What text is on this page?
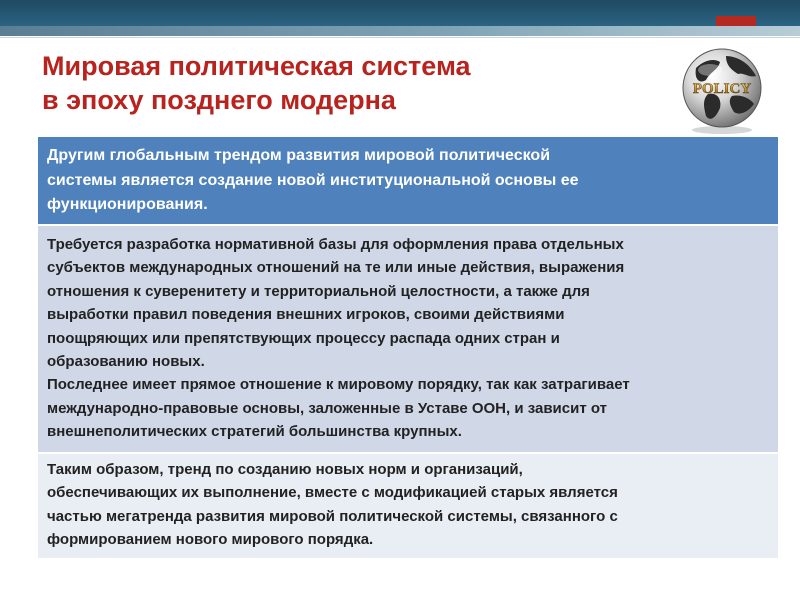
Мировая политическая система
в эпоху позднего модерна	POLICY

Другим глобальным трендом развития мировой политической

системы является создание новой институциональной основы ее

функционирования.

Требуется разработка нормативной базы для оформления права отдельных

субъектов международных отношений на те или иные действия, выражения

отношения к суверенитету и территориальной целостности, а также для

выработки правил поведения внешних игроков, своими действиями

поощряющих или препятствующих процессу распада одних стран и

образованию новых.

Последнее имеет прямое отношение к мировому порядку, так как затрагивает

международно-правовые основы, заложенные в Уставе ООН, и зависит от

внешнеполитических стратегий большинства крупных.

Таким образом, тренд по созданию новых норм и организаций,

обеспечивающих их выполнение, вместе с модификацией старых является

частью мегатренда развития мировой политической системы, связанного с

формированием нового мирового порядка.
